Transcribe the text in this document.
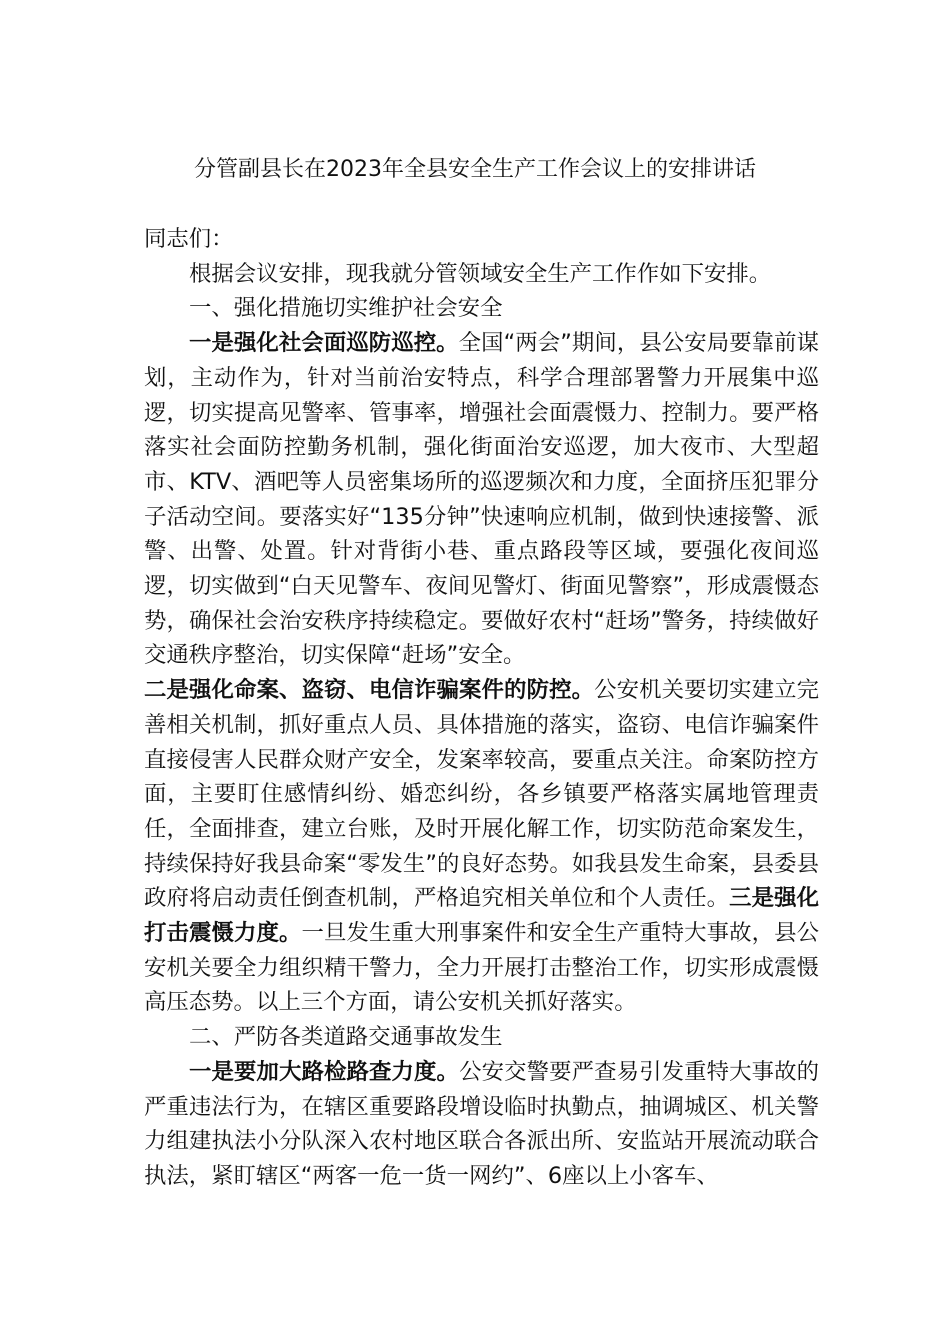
分管副县长在2023年全县安全生产工作会议上的安排讲话

同志们：

根据会议安排，现我就分管领域安全生产工作作如下安排。

一、强化措施切实维护社会安全

一是强化社会面巡防巡控。全国“两会”期间，县公安局要靠前谋划，主动作为，针对当前治安特点，科学合理部署警力开展集中巡逻，切实提高见警率、管事率，增强社会面震慑力、控制力。要严格落实社会面防控勤务机制，强化街面治安巡逻，加大夜市、大型超市、KTV、酒吧等人员密集场所的巡逻频次和力度，全面挤压犯罪分子活动空间。要落实好“135分钟”快速响应机制，做到快速接警、派警、出警、处置。针对背街小巷、重点路段等区域，要强化夜间巡逻，切实做到“白天见警车、夜间见警灯、街面见警察”，形成震慑态势，确保社会治安秩序持续稳定。要做好农村“赶场”警务，持续做好交通秩序整治，切实保障“赶场”安全。

二是强化命案、盗窃、电信诈骗案件的防控。公安机关要切实建立完善相关机制，抓好重点人员、具体措施的落实，盗窃、电信诈骗案件直接侵害人民群众财产安全，发案率较高，要重点关注。命案防控方面，主要盯住感情纠纷、婚恋纠纷，各乡镇要严格落实属地管理责任，全面排查，建立台账，及时开展化解工作，切实防范命案发生，持续保持好我县命案“零发生”的良好态势。如我县发生命案，县委县政府将启动责任倒查机制，严格追究相关单位和个人责任。三是强化打击震慑力度。一旦发生重大刑事案件和安全生产重特大事故，县公安机关要全力组织精干警力，全力开展打击整治工作，切实形成震慑高压态势。以上三个方面，请公安机关抓好落实。

二、严防各类道路交通事故发生

一是要加大路检路查力度。公安交警要严查易引发重特大事故的严重违法行为，在辖区重要路段增设临时执勤点，抽调城区、机关警力组建执法小分队深入农村地区联合各派出所、安监站开展流动联合执法，紧盯辖区“两客一危一货一网约”、6座以上小客车、
